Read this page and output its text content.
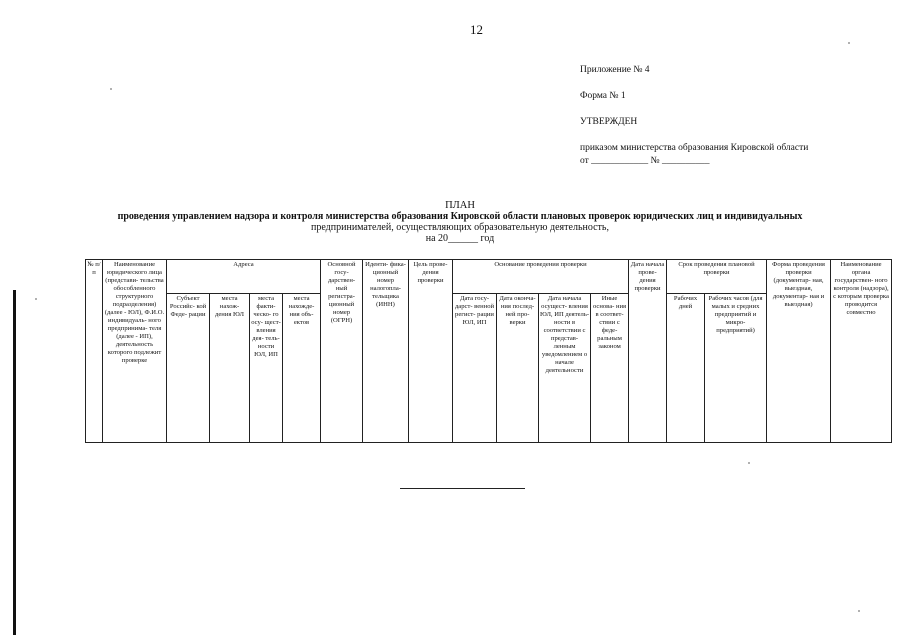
12
Приложение № 4
Форма № 1
УТВЕРЖДЕН
приказом министерства образования Кировской области
от ____________ № __________
ПЛАН
проведения управлением надзора и контроля министерства образования Кировской области плановых проверок юридических лиц и индивидуальных
предпринимателей, осуществляющих образовательную деятельность,
на 20______ год
№ п/п	Наименование юридического лица (представи- тельства обособленного структурного подразделения) (далее - ЮЛ), Ф.И.О. индивидуаль- ного предпринима- теля (далее - ИП), деятельность которого подлежит проверке	Адреса				Основной госу- дарствен- ный регистра- ционный номер (ОГРН)	Иденти- фика- ционный номер налогопла- тельщика (ИНН)	Цель прове- дения проверки	Основание проведения проверки				Дата начала прове- дения проверки	Срок проведения плановой проверки		Форма проведения проверки (документар- ная, выездная, документар- ная и выездная)	Наименование органа государствен- ного контроля (надзора), с которым проверка проводится совместно
		Субъект Российс- кой Феде- рации	места нахож- дения ЮЛ	места факти- ческо- го осу- щест- вления дея- тель- ности ЮЛ, ИП	места нахожде- ния объ- ектов				Дата госу- дарст- венной регист- рации ЮЛ, ИП	Дата оконча- ния послед- ней про- верки	Дата начала осущест- вления ЮЛ, ИП деятель- ности в соответствии с представ- ленным уведомлением о начале деятельности	Иные основа- ния в соответ- ствии с феде- ральным законом		Рабочих дней	Рабочих часов (для малых и средних предприятий и микро- предприятий)		
